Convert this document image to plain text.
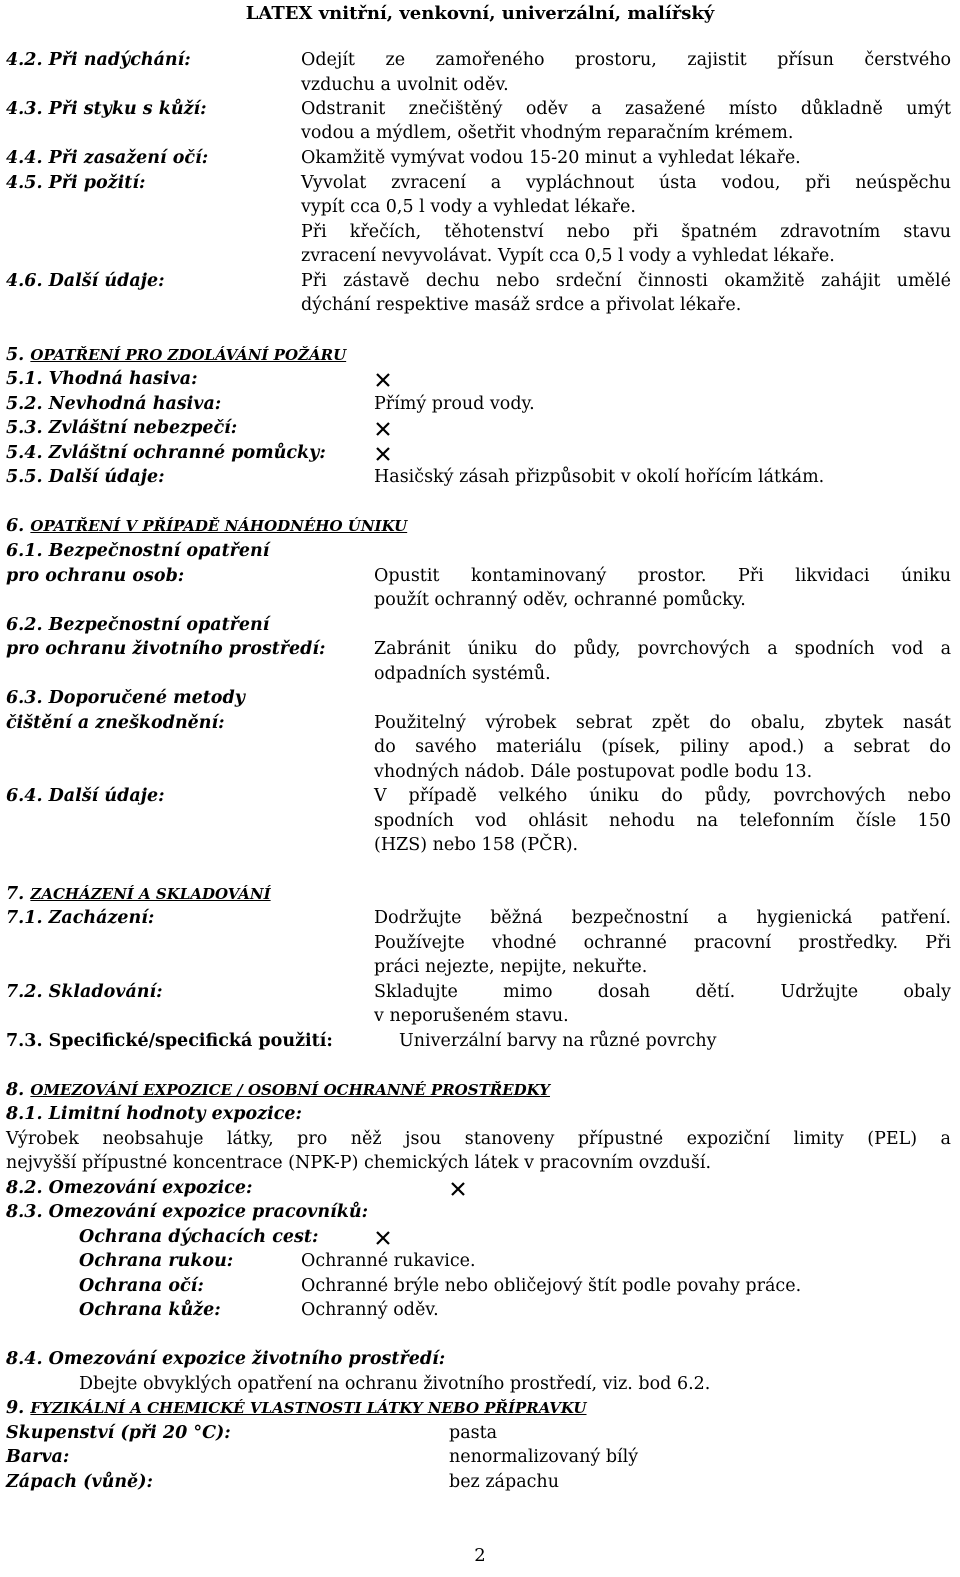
LATEX vnitřní, venkovní, univerzální, malířský
4.2. Při nadýchání:	Odejít ze zamořeného prostoru, zajistit přísun čerstvého
vzduchu a uvolnit oděv.
4.3. Při styku s kůží:	Odstranit znečištěný oděv a zasažené místo důkladně umýt
vodou a mýdlem, ošetřit vhodným reparačním krémem.
4.4. Při zasažení očí:	Okamžitě vymývat vodou 15-20 minut a vyhledat lékaře.
4.5. Při požití:	Vyvolat zvracení a vypláchnout ústa vodou, při neúspěchu
vypít cca 0,5 l vody a vyhledat lékaře.
Při křečích, těhotenství nebo při špatném zdravotním stavu
zvracení nevyvolávat. Vypít cca 0,5 l vody a vyhledat lékaře.
4.6. Další údaje:	Při zástavě dechu nebo srdeční činnosti okamžitě zahájit umělé
dýchání respektive masáž srdce a přivolat lékaře.
5. OPATŘENÍ PRO ZDOLÁVÁNÍ POŽÁRU
5.1. Vhodná hasiva:
5.2. Nevhodná hasiva:	Přímý proud vody.
5.3. Zvláštní nebezpečí:
5.4. Zvláštní ochranné pomůcky:
5.5. Další údaje:	Hasičský zásah přizpůsobit v okolí hořícím látkám.
6. OPATŘENÍ V PŘÍPADĚ NÁHODNÉHO ÚNIKU
6.1. Bezpečnostní opatření
pro ochranu osob:	Opustit kontaminovaný prostor. Při likvidaci úniku
použít ochranný oděv, ochranné pomůcky.
6.2. Bezpečnostní opatření
pro ochranu životního prostředí:	Zabránit úniku do půdy, povrchových a spodních vod a
odpadních systémů.
6.3. Doporučené metody
čištění a zneškodnění:	Použitelný výrobek sebrat zpět do obalu, zbytek nasát
do savého materiálu (písek, piliny apod.) a sebrat do
vhodných nádob. Dále postupovat podle bodu 13.
6.4. Další údaje:	V případě velkého úniku do půdy, povrchových nebo
spodních vod ohlásit nehodu na telefonním čísle 150
(HZS) nebo 158 (PČR).
7. ZACHÁZENÍ A SKLADOVÁNÍ
7.1. Zacházení:	Dodržujte běžná bezpečnostní a hygienická patření.
Používejte vhodné ochranné pracovní prostředky. Při
práci nejezte, nepijte, nekuřte.
7.2. Skladování:	Skladujte mimo dosah dětí. Udržujte obaly
v neporušeném stavu.
7.3. Specifické/specifická použití:	Univerzální barvy na různé povrchy
8. OMEZOVÁNÍ EXPOZICE / OSOBNÍ OCHRANNÉ PROSTŘEDKY
8.1. Limitní hodnoty expozice:
Výrobek neobsahuje látky, pro něž jsou stanoveny přípustné expoziční limity (PEL) a
nejvyšší přípustné koncentrace (NPK-P) chemických látek v pracovním ovzduší.
8.2. Omezování expozice:
8.3. Omezování expozice pracovníků:
Ochrana dýchacích cest:
Ochrana rukou:	Ochranné rukavice.
Ochrana očí:	Ochranné brýle nebo obličejový štít podle povahy práce.
Ochrana kůže:	Ochranný oděv.
8.4. Omezování expozice životního prostředí:
Dbejte obvyklých opatření na ochranu životního prostředí, viz. bod 6.2.
9. FYZIKÁLNÍ A CHEMICKÉ VLASTNOSTI LÁTKY NEBO PŘÍPRAVKU
Skupenství (při 20 °C):	pasta
Barva:	nenormalizovaný bílý
Zápach (vůně):	bez zápachu
2
